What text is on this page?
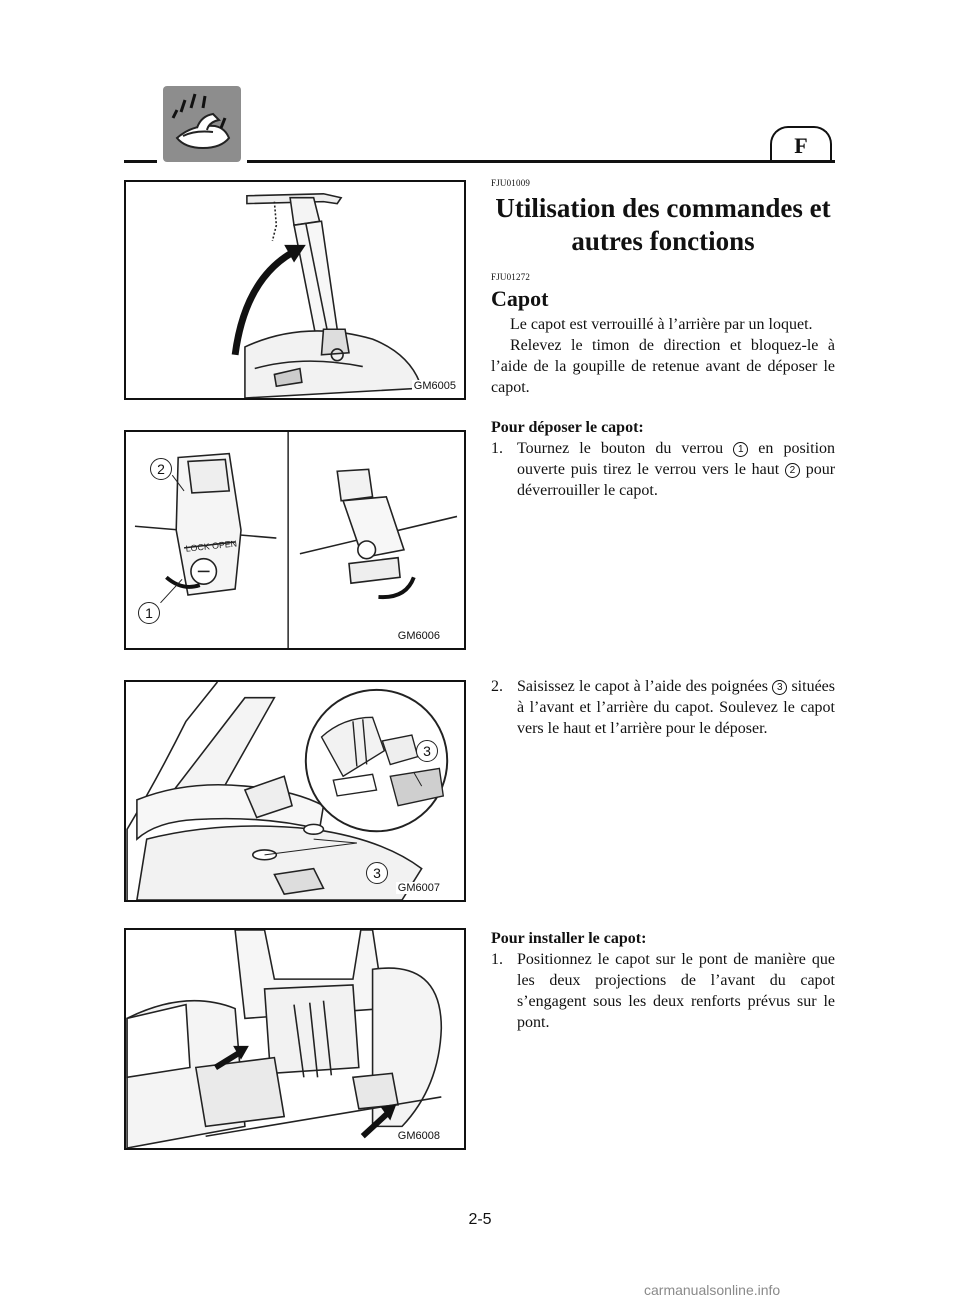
F
GM6005
LOCK OPEN
2
1
GM6006
3
3
GM6007
GM6008
FJU01009
Utilisation des commandes et autres fonctions
FJU01272
Capot

Le capot est verrouillé à l’arrière par un loquet.

Relevez le timon de direction et bloquez-le à l’aide de la goupille de retenue avant de déposer le capot.

Pour déposer le capot:
1. Tournez le bouton du verrou 1 en position ouverte puis tirez le verrou vers le haut 2 pour déverrouiller le capot.
2. Saisissez le capot à l’aide des poignées 3 situées à l’avant et l’arrière du capot. Soulevez le capot vers le haut et l’arrière pour le déposer.
Pour installer le capot:
1. Positionnez le capot sur le pont de manière que les deux projections de l’avant du capot s’engagent sous les deux renforts prévus sur le pont.
2-5
carmanualsonline.info
